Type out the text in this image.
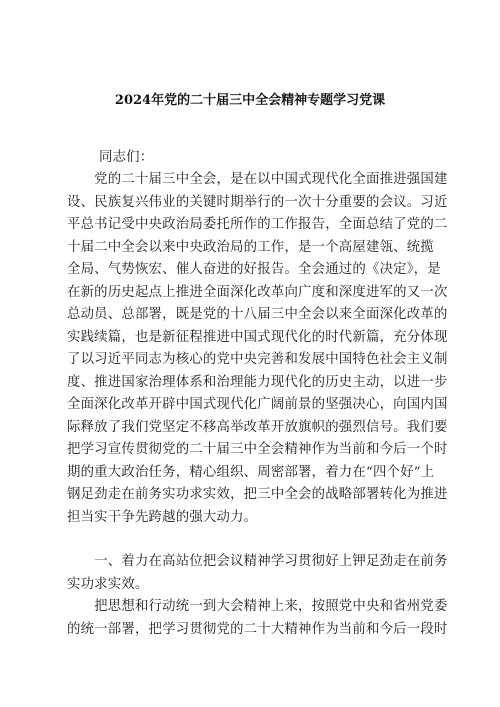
2024年党的二十届三中全会精神专题学习党课
同志们：
　　党的二十届三中全会，是在以中国式现代化全面推进强国建
设、民族复兴伟业的关键时期举行的一次十分重要的会议。习近
平总书记受中央政治局委托所作的工作报告，全面总结了党的二
十届二中全会以来中央政治局的工作，是一个高屋建瓴、统揽
全局、气势恢宏、催人奋进的好报告。全会通过的《决定》，是
在新的历史起点上推进全面深化改革向广度和深度进军的又一次
总动员、总部署，既是党的十八届三中全会以来全面深化改革的
实践续篇，也是新征程推进中国式现代化的时代新篇，充分体现
了以习近平同志为核心的党中央完善和发展中国特色社会主义制
度、推进国家治理体系和治理能力现代化的历史主动，以进一步
全面深化改革开辟中国式现代化广阔前景的坚强决心，向国内国
际释放了我们党坚定不移高举改革开放旗帜的强烈信号。我们要
把学习宣传贯彻党的二十届三中全会精神作为当前和今后一个时
期的重大政治任务，精心组织、周密部署，着力在“四个好”上
钢足劲走在前务实功求实效，把三中全会的战略部署转化为推进
担当实干争先跨越的强大动力。
　　一、着力在高站位把会议精神学习贯彻好上钾足劲走在前务
实功求实效。
　　把思想和行动统一到大会精神上来，按照党中央和省州党委
的统一部署，把学习贯彻党的二十大精神作为当前和今后一段时
